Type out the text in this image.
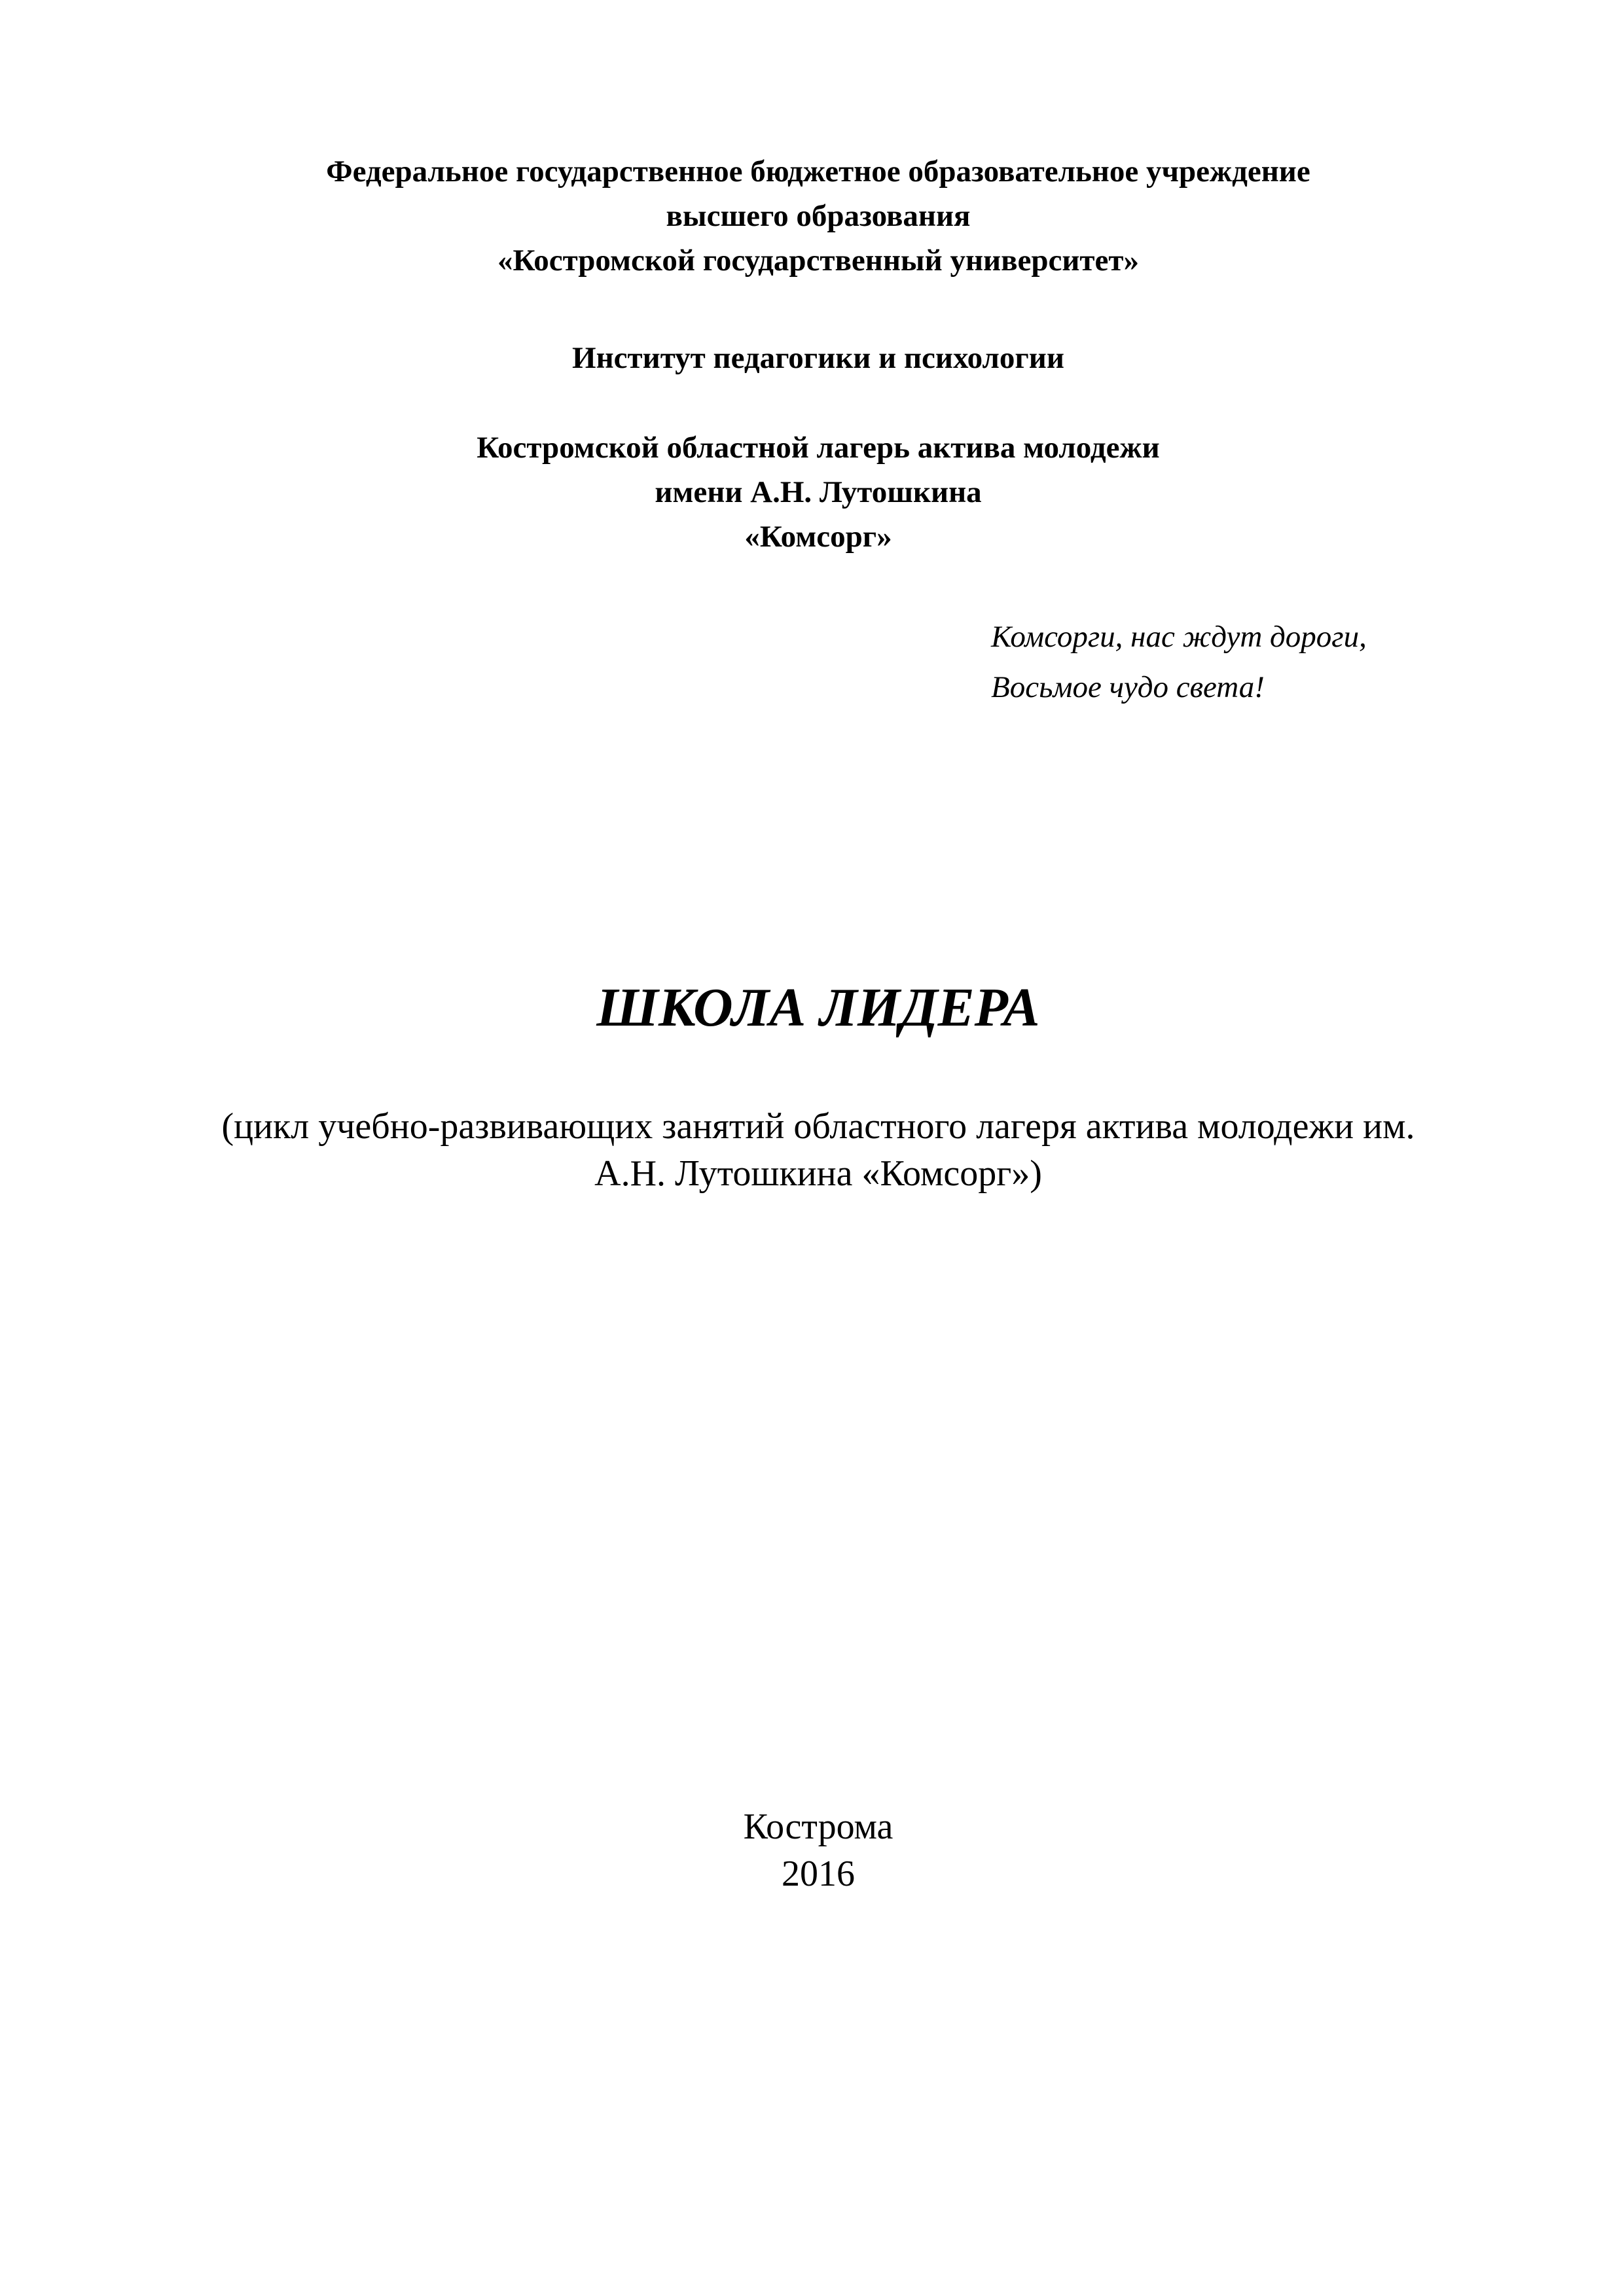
Федеральное государственное бюджетное образовательное учреждение
высшего образования
«Костромской государственный университет»
Институт педагогики и психологии
Костромской областной лагерь актива молодежи
имени А.Н. Лутошкина
«Комсорг»
Комсорги, нас ждут дороги,
Восьмое чудо света!
ШКОЛА ЛИДЕРА
(цикл учебно-развивающих занятий областного лагеря актива молодежи им.
А.Н. Лутошкина «Комсорг»)
Кострома
2016
